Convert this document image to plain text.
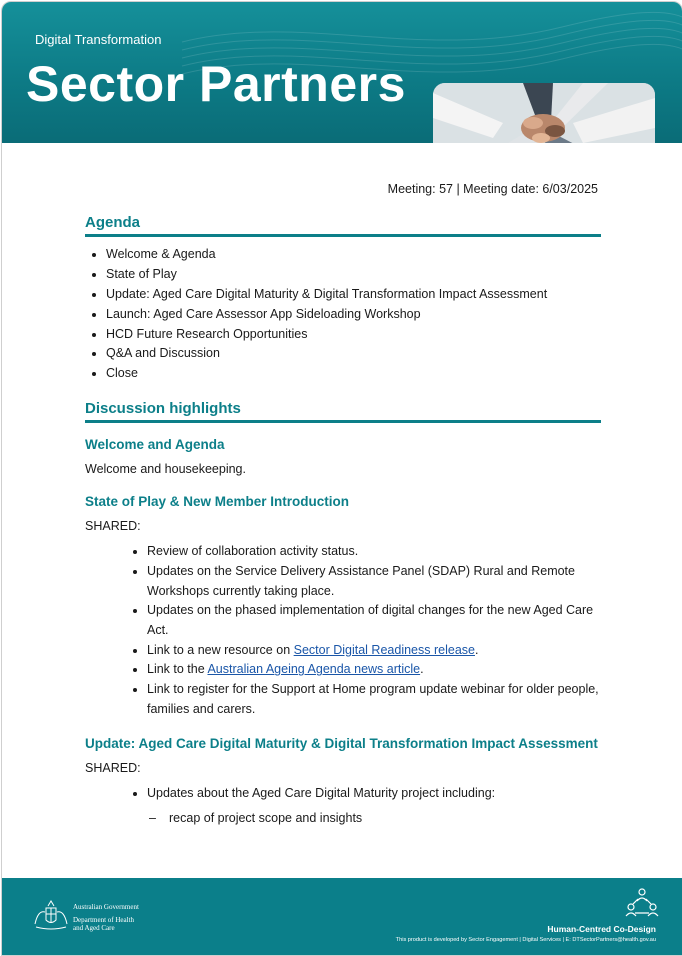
Digital Transformation
Sector Partners
Meeting: 57 | Meeting date: 6/03/2025
Agenda
• Welcome & Agenda
• State of Play
• Update: Aged Care Digital Maturity & Digital Transformation Impact Assessment
• Launch: Aged Care Assessor App Sideloading Workshop
• HCD Future Research Opportunities
• Q&A and Discussion
• Close
Discussion highlights
Welcome and Agenda

Welcome and housekeeping.

State of Play & New Member Introduction

SHARED:

• Review of collaboration activity status.
• Updates on the Service Delivery Assistance Panel (SDAP) Rural and Remote Workshops currently taking place.
• Updates on the phased implementation of digital changes for the new Aged Care Act.
• Link to a new resource on Sector Digital Readiness release.
• Link to the Australian Ageing Agenda news article.
• Link to register for the Support at Home program update webinar for older people, families and carers.
Update: Aged Care Digital Maturity & Digital Transformation Impact Assessment

SHARED:

• Updates about the Aged Care Digital Maturity project including:
– recap of project scope and insights
Australian Government
Department of Health
and Aged Care	Human-Centred Co-Design
This product is developed by Sector Engagement | Digital Services | E: DTSectorPartners@health.gov.au
